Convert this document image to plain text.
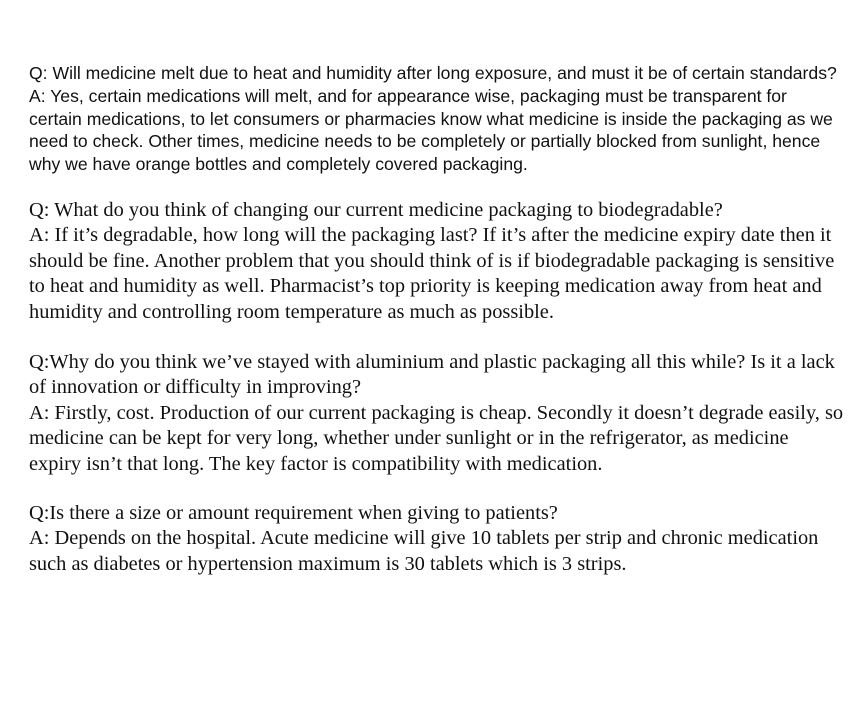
Q: Will medicine melt due to heat and humidity after long exposure, and must it be of certain standards?

A: Yes, certain medications will melt, and for appearance wise, packaging must be transparent for certain medications, to let consumers or pharmacies know what medicine is inside the packaging as we need to check. Other times, medicine needs to be completely or partially blocked from sunlight, hence why we have orange bottles and completely covered packaging.

Q: What do you think of changing our current medicine packaging to biodegradable?

A: If it’s degradable, how long will the packaging last? If it’s after the medicine expiry date then it should be fine. Another problem that you should think of is if biodegradable packaging is sensitive to heat and humidity as well. Pharmacist’s top priority is keeping medication away from heat and humidity and controlling room temperature as much as possible.

Q:Why do you think we’ve stayed with aluminium and plastic packaging all this while? Is it a lack of innovation or difficulty in improving?

A: Firstly, cost. Production of our current packaging is cheap. Secondly it doesn’t degrade easily, so medicine can be kept for very long, whether under sunlight or in the refrigerator, as medicine expiry isn’t that long. The key factor is compatibility with medication.

Q:Is there a size or amount requirement when giving to patients?

A: Depends on the hospital. Acute medicine will give 10 tablets per strip and chronic medication such as diabetes or hypertension maximum is 30 tablets which is 3 strips.
